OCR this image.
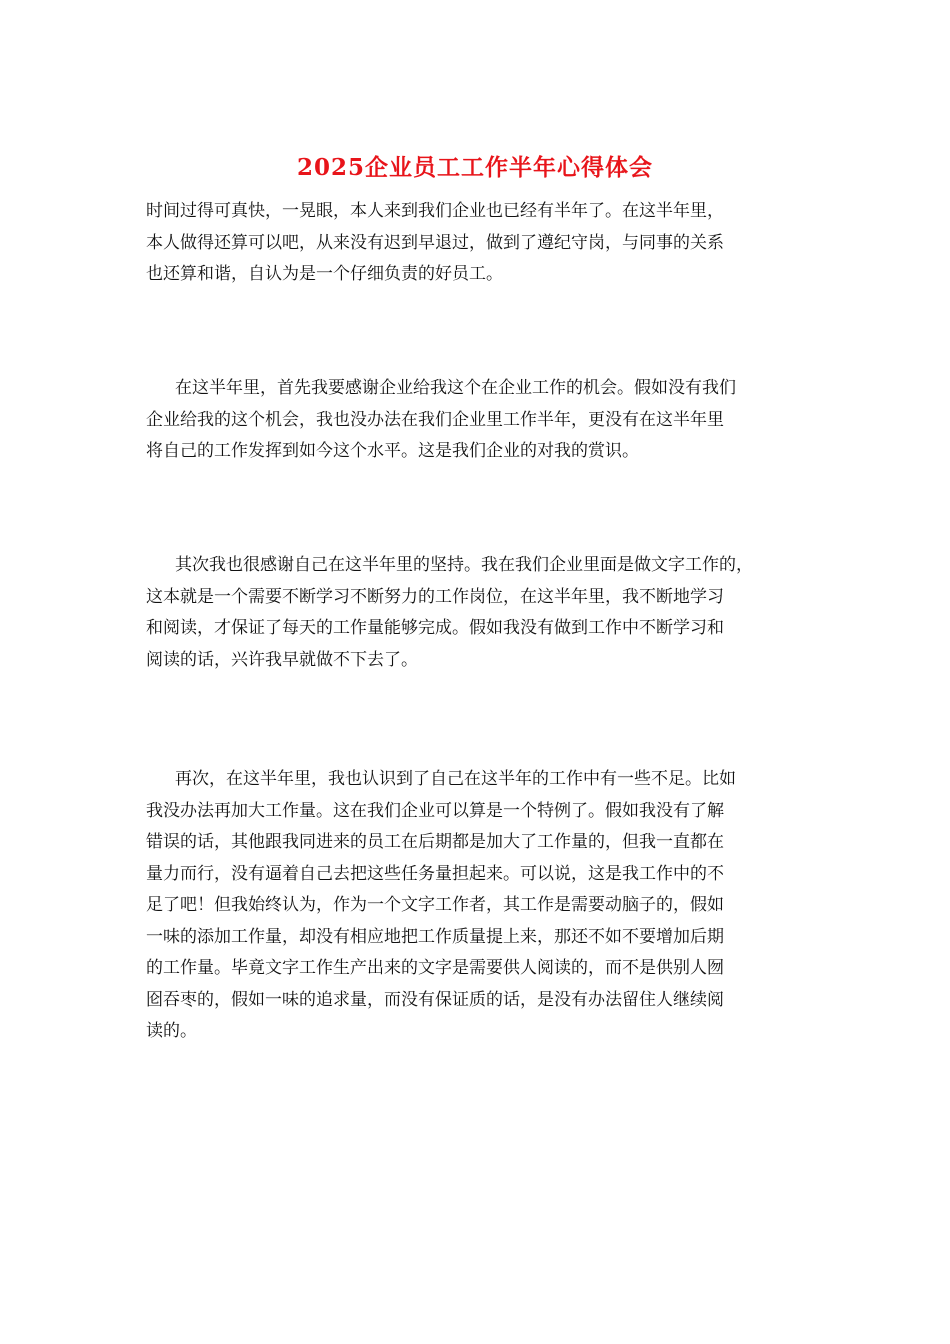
2025企业员工工作半年心得体会

时间过得可真快，一晃眼，本人来到我们企业也已经有半年了。在这半年里，
本人做得还算可以吧，从来没有迟到早退过，做到了遵纪守岗，与同事的关系
也还算和谐，自认为是一个仔细负责的好员工。

在这半年里，首先我要感谢企业给我这个在企业工作的机会。假如没有我们
企业给我的这个机会，我也没办法在我们企业里工作半年，更没有在这半年里
将自己的工作发挥到如今这个水平。这是我们企业的对我的赏识。

其次我也很感谢自己在这半年里的坚持。我在我们企业里面是做文字工作的，
这本就是一个需要不断学习不断努力的工作岗位，在这半年里，我不断地学习
和阅读，才保证了每天的工作量能够完成。假如我没有做到工作中不断学习和
阅读的话，兴许我早就做不下去了。

再次，在这半年里，我也认识到了自己在这半年的工作中有一些不足。比如
我没办法再加大工作量。这在我们企业可以算是一个特例了。假如我没有了解
错误的话，其他跟我同进来的员工在后期都是加大了工作量的，但我一直都在
量力而行，没有逼着自己去把这些任务量担起来。可以说，这是我工作中的不
足了吧！但我始终认为，作为一个文字工作者，其工作是需要动脑子的，假如
一味的添加工作量，却没有相应地把工作质量提上来，那还不如不要增加后期
的工作量。毕竟文字工作生产出来的文字是需要供人阅读的，而不是供别人囫
囵吞枣的，假如一味的追求量，而没有保证质的话，是没有办法留住人继续阅
读的。
